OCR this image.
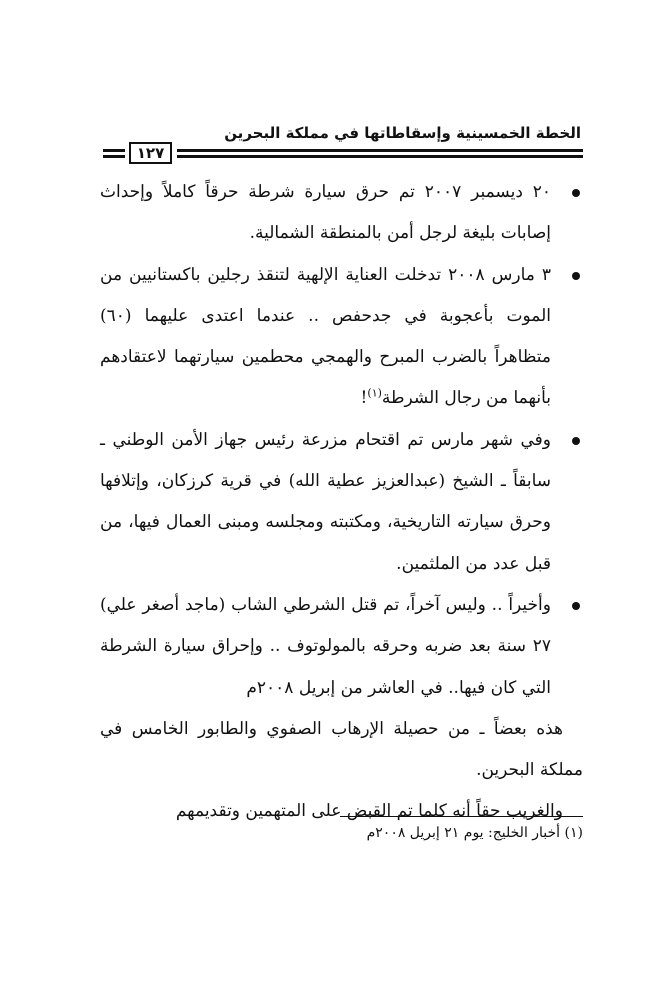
الخطة الخمسينية وإسقاطاتها في مملكة البحرين
١٢٧

٢٠ ديسمبر ٢٠٠٧ تم حرق سيارة شرطة حرقاً كاملاً وإحداث إصابات بليغة لرجل أمن بالمنطقة الشمالية.

٣ مارس ٢٠٠٨ تدخلت العناية الإلهية لتنقذ رجلين باكستانيين من الموت بأعجوبة في جدحفص .. عندما اعتدى عليهما (٦٠) متظاهراً بالضرب المبرح والهمجي محطمين سيارتهما لاعتقادهم بأنهما من رجال الشرطة$^{(١)}$!

وفي شهر مارس تم اقتحام مزرعة رئيس جهاز الأمن الوطني ـ سابقاً ـ الشيخ (عبدالعزيز عطية الله) في قرية كرزكان، وإتلافها وحرق سيارته التاريخية، ومكتبته ومجلسه ومبنى العمال فيها، من قبل عدد من الملثمين.

وأخيراً .. وليس آخراً، تم قتل الشرطي الشاب (ماجد أصغر علي) ٢٧ سنة بعد ضربه وحرقه بالمولوتوف .. وإحراق سيارة الشرطة التي كان فيها.. في العاشر من إبريل ٢٠٠٨م

هذه بعضاً ـ من حصيلة الإرهاب الصفوي والطابور الخامس في مملكة البحرين.

والغريب حقاً أنه كلما تم القبض على المتهمين وتقديمهم

(١) أخبار الخليج: يوم ٢١ إبريل ٢٠٠٨م
